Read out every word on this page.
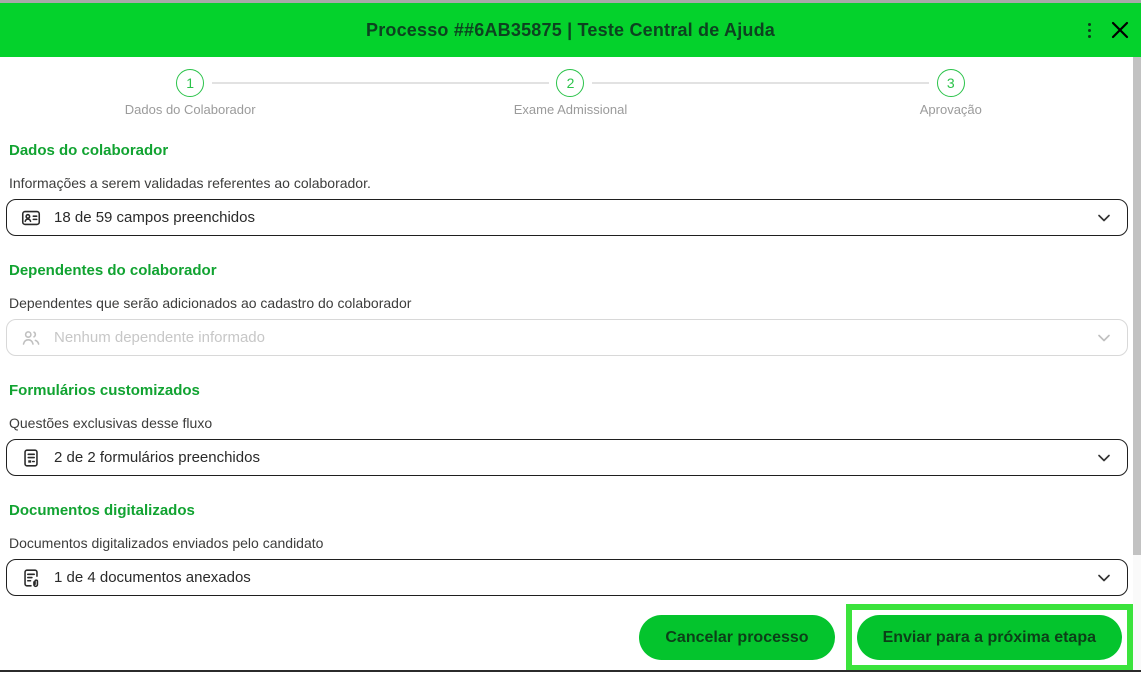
Processo ##6AB35875 | Teste Central de Ajuda
1
Dados do Colaborador
2
Exame Admissional
3
Aprovação
Dados do colaborador
Informações a serem validadas referentes ao colaborador.
18 de 59 campos preenchidos
Dependentes do colaborador
Dependentes que serão adicionados ao cadastro do colaborador
Nenhum dependente informado
Formulários customizados
Questões exclusivas desse fluxo
2 de 2 formulários preenchidos
Documentos digitalizados
Documentos digitalizados enviados pelo candidato
1 de 4 documentos anexados
Cancelar processo	Enviar para a próxima etapa
